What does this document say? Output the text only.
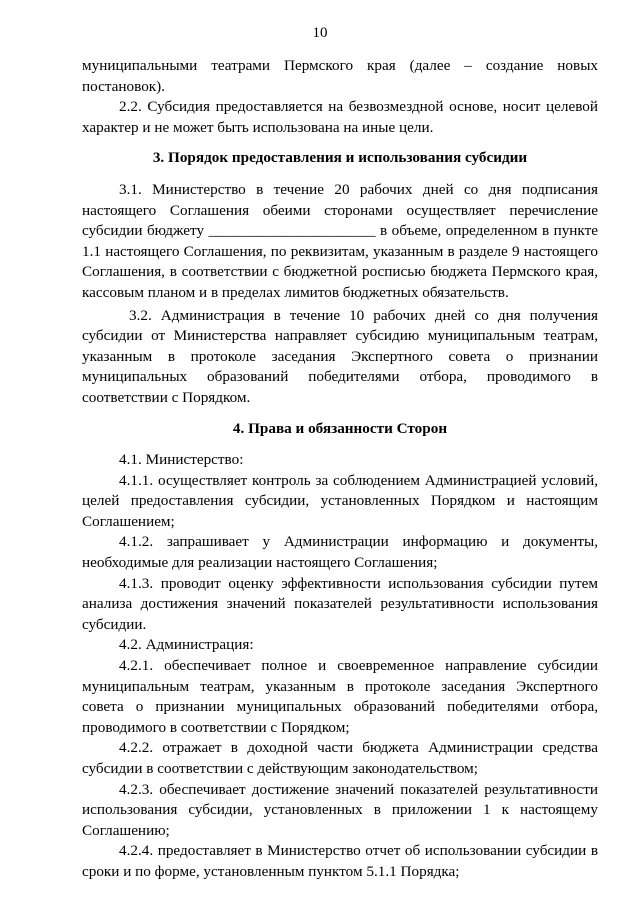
10

муниципальными театрами Пермского края (далее – создание новых постановок).

2.2. Субсидия предоставляется на безвозмездной основе, носит целевой характер и не может быть использована на иные цели.

3. Порядок предоставления и использования субсидии

3.1. Министерство в течение 20 рабочих дней со дня подписания настоящего Соглашения обеими сторонами осуществляет перечисление субсидии бюджету ______________________ в объеме, определенном в пункте 1.1 настоящего Соглашения, по реквизитам, указанным в разделе 9 настоящего Соглашения, в соответствии с бюджетной росписью бюджета Пермского края, кассовым планом и в пределах лимитов бюджетных обязательств.

3.2. Администрация в течение 10 рабочих дней со дня получения субсидии от Министерства направляет субсидию муниципальным театрам, указанным в протоколе заседания Экспертного совета о признании муниципальных образований победителями отбора, проводимого в соответствии с Порядком.

4. Права и обязанности Сторон

4.1. Министерство:

4.1.1. осуществляет контроль за соблюдением Администрацией условий, целей предоставления субсидии, установленных Порядком и настоящим Соглашением;

4.1.2. запрашивает у Администрации информацию и документы, необходимые для реализации настоящего Соглашения;

4.1.3. проводит оценку эффективности использования субсидии путем анализа достижения значений показателей результативности использования субсидии.

4.2. Администрация:

4.2.1. обеспечивает полное и своевременное направление субсидии муниципальным театрам, указанным в протоколе заседания Экспертного совета о признании муниципальных образований победителями отбора, проводимого в соответствии с Порядком;

4.2.2. отражает в доходной части бюджета Администрации средства субсидии в соответствии с действующим законодательством;

4.2.3. обеспечивает достижение значений показателей результативности использования субсидии, установленных в приложении 1 к настоящему Соглашению;

4.2.4. предоставляет в Министерство отчет об использовании субсидии в сроки и по форме, установленным пунктом 5.1.1 Порядка;
